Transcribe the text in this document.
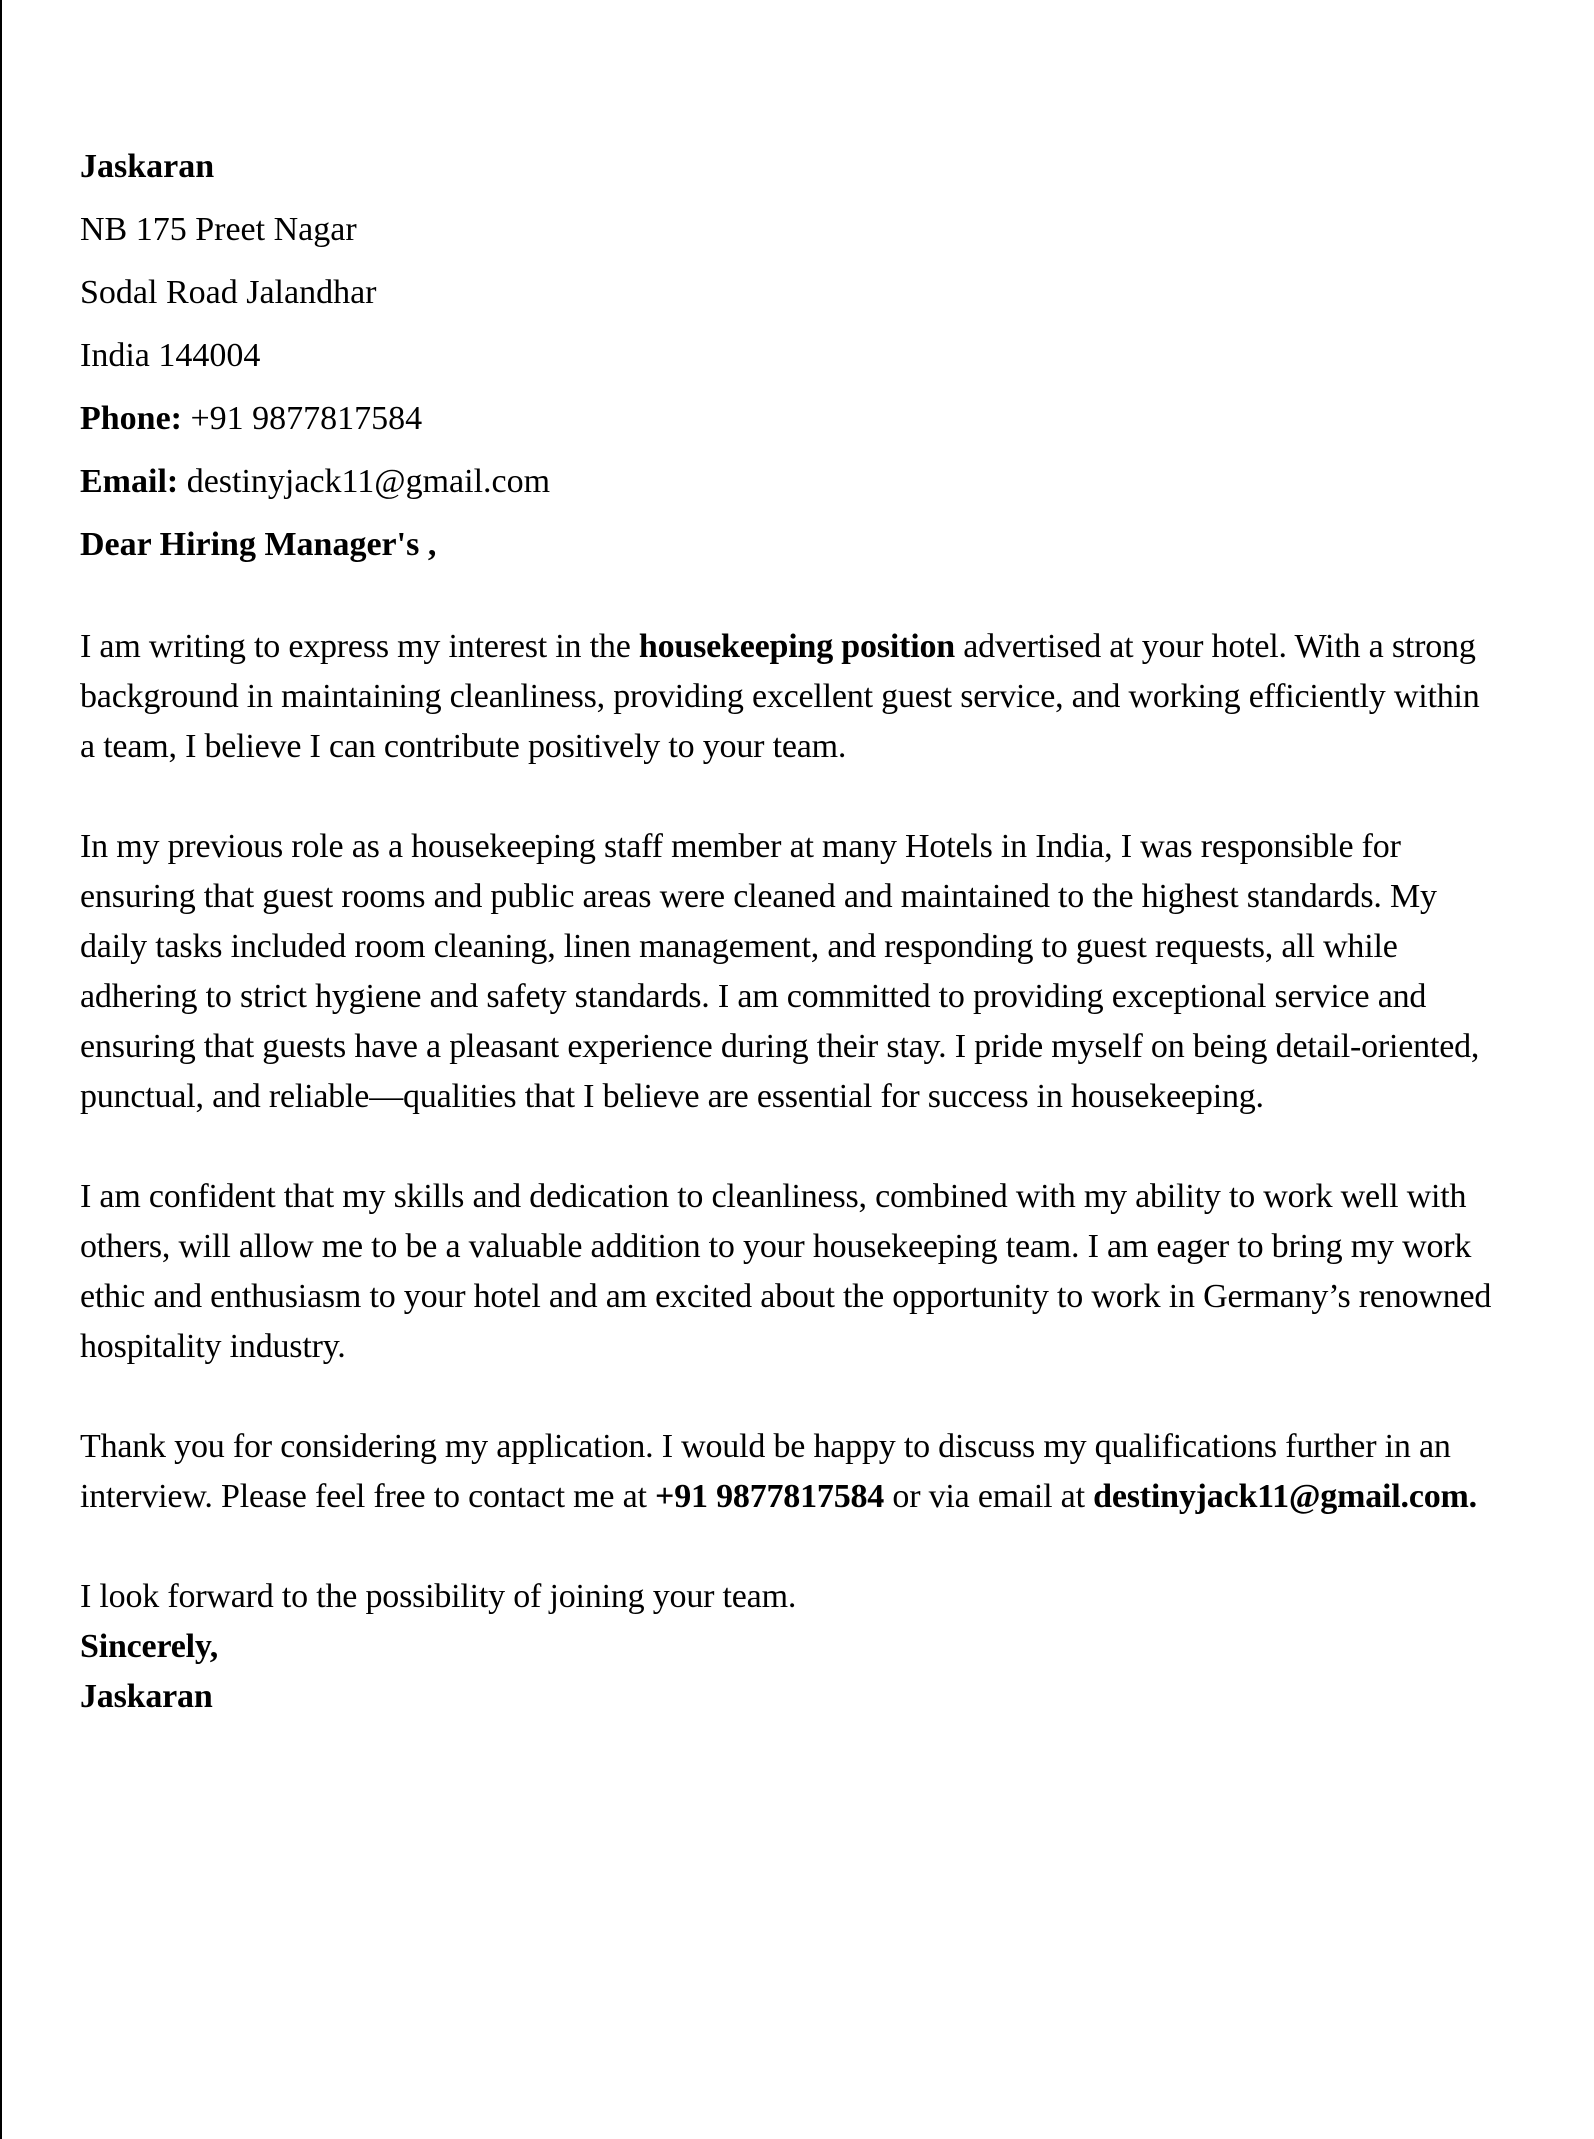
Jaskaran

NB 175 Preet Nagar

Sodal Road Jalandhar

India 144004

Phone: +91 9877817584

Email: destinyjack11@gmail.com

Dear Hiring Manager's ,

I am writing to express my interest in the housekeeping position advertised at your hotel. With a strong background in maintaining cleanliness, providing excellent guest service, and working efficiently within a team, I believe I can contribute positively to your team.

In my previous role as a housekeeping staff member at many Hotels in India, I was responsible for ensuring that guest rooms and public areas were cleaned and maintained to the highest standards. My daily tasks included room cleaning, linen management, and responding to guest requests, all while adhering to strict hygiene and safety standards. I am committed to providing exceptional service and ensuring that guests have a pleasant experience during their stay. I pride myself on being detail-oriented, punctual, and reliable—qualities that I believe are essential for success in housekeeping.

I am confident that my skills and dedication to cleanliness, combined with my ability to work well with others, will allow me to be a valuable addition to your housekeeping team. I am eager to bring my work ethic and enthusiasm to your hotel and am excited about the opportunity to work in Germany’s renowned hospitality industry.

Thank you for considering my application. I would be happy to discuss my qualifications further in an interview. Please feel free to contact me at +91 9877817584 or via email at destinyjack11@gmail.com.

I look forward to the possibility of joining your team.

Sincerely,

Jaskaran
